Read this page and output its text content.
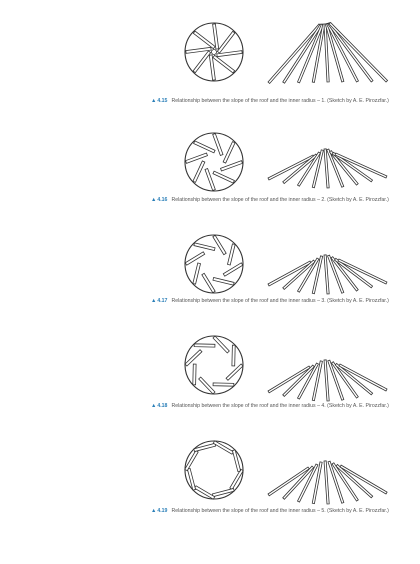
▲4.15 Relationship between the slope of the roof and the inner radius – 1. (Sketch by A. E. Pirozzfar.)
▲4.16 Relationship between the slope of the roof and the inner radius – 2. (Sketch by A. E. Pirozzfar.)
▲4.17 Relationship between the slope of the roof and the inner radius – 3. (Sketch by A. E. Pirozzfar.)
▲4.18 Relationship between the slope of the roof and the inner radius – 4. (Sketch by A. E. Pirozzfar.)
▲4.19 Relationship between the slope of the roof and the inner radius – 5. (Sketch by A. E. Pirozzfar.)
